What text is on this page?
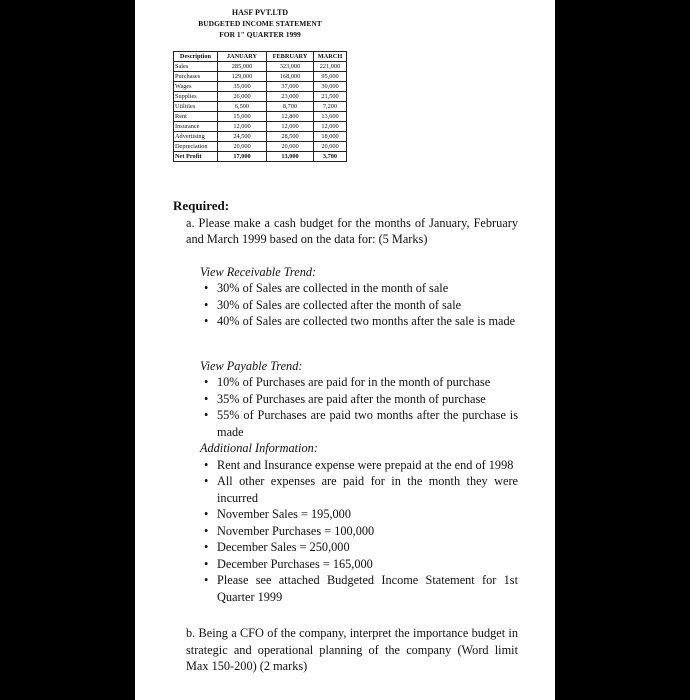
HASF PVT.LTD
BUDGETED INCOME STATEMENT
FOR 1" QUARTER 1999
Description	JANUARY	FEBRUARY	MARCH
Sales	285,000	323,000	221,000
Purchases	129,000	168,000	95,000
Wages	35,000	37,000	30,000
Supplies	26,000	23,000	21,500
Utilities	6,500	8,700	7,200
Rent	15,000	12,800	13,600
Insurance	12,000	12,000	12,000
Advertising	24,500	28,500	18,000
Depreciation	20,000	20,000	20,000
Net Profit	17,000	13,000	3,700
Required:
a. Please make a cash budget for the months of January, February and March 1999 based on the data for: (5 Marks)
View Receivable Trend:
• 30% of Sales are collected in the month of sale
• 30% of Sales are collected after the month of sale
• 40% of Sales are collected two months after the sale is made
View Payable Trend:
• 10% of Purchases are paid for in the month of purchase
• 35% of Purchases are paid after the month of purchase
• 55% of Purchases are paid two months after the purchase is made
Additional Information:
• Rent and Insurance expense were prepaid at the end of 1998
• All other expenses are paid for in the month they were incurred
• November Sales = 195,000
• November Purchases = 100,000
• December Sales = 250,000
• December Purchases = 165,000
• Please see attached Budgeted Income Statement for 1st Quarter 1999
b. Being a CFO of the company, interpret the importance budget in strategic and operational planning of the company (Word limit Max 150-200) (2 marks)
